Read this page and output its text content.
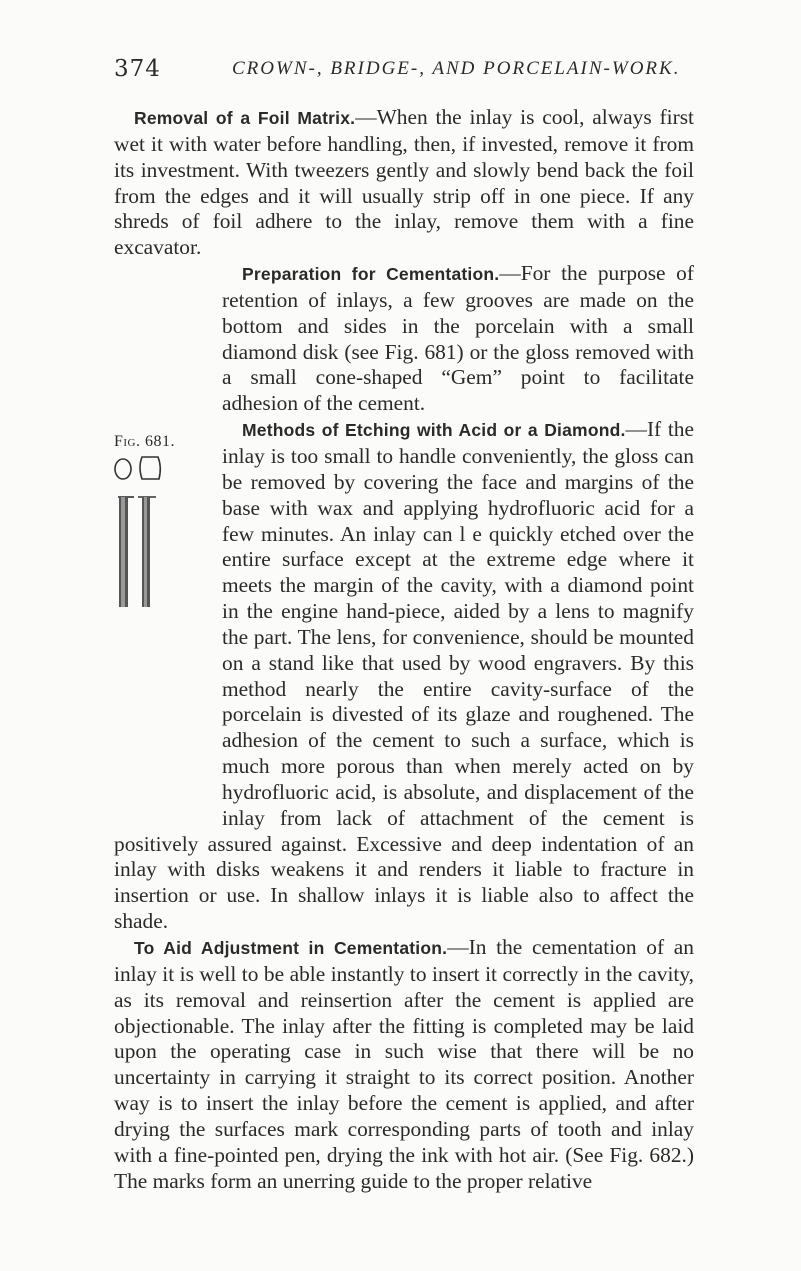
374	CROWN-, BRIDGE-, AND PORCELAIN-WORK.

Removal of a Foil Matrix.—When the inlay is cool, always first wet it with water before handling, then, if invested, remove it from its investment. With tweezers gently and slowly bend back the foil from the edges and it will usually strip off in one piece. If any shreds of foil adhere to the inlay, remove them with a fine excavator.

Fig. 681.

Preparation for Cementation.—For the purpose of retention of inlays, a few grooves are made on the bottom and sides in the porcelain with a small diamond disk (see Fig. 681) or the gloss removed with a small cone-shaped “Gem” point to facilitate adhesion of the cement.

Methods of Etching with Acid or a Diamond.—If the inlay is too small to handle conveniently, the gloss can be removed by covering the face and margins of the base with wax and applying hydrofluoric acid for a few minutes. An inlay can l e quickly etched over the entire surface except at the extreme edge where it meets the margin of the cavity, with a diamond point in the engine hand-piece, aided by a lens to magnify the part. The lens, for convenience, should be mounted on a stand like that used by wood engravers. By this method nearly the entire cavity-surface of the porcelain is divested of its glaze and roughened. The adhesion of the cement to such a surface, which is much more porous than when merely acted on by hydrofluoric acid, is absolute, and displacement of the inlay from lack of attachment of the cement is positively assured against. Excessive and deep indentation of an inlay with disks weakens it and renders it liable to fracture in insertion or use. In shallow inlays it is liable also to affect the shade.

To Aid Adjustment in Cementation.—In the cementation of an inlay it is well to be able instantly to insert it correctly in the cavity, as its removal and reinsertion after the cement is applied are objectionable. The inlay after the fitting is completed may be laid upon the operating case in such wise that there will be no uncertainty in carrying it straight to its correct position. Another way is to insert the inlay before the cement is applied, and after drying the surfaces mark corresponding parts of tooth and inlay with a fine-pointed pen, drying the ink with hot air. (See Fig. 682.) The marks form an unerring guide to the proper relative
